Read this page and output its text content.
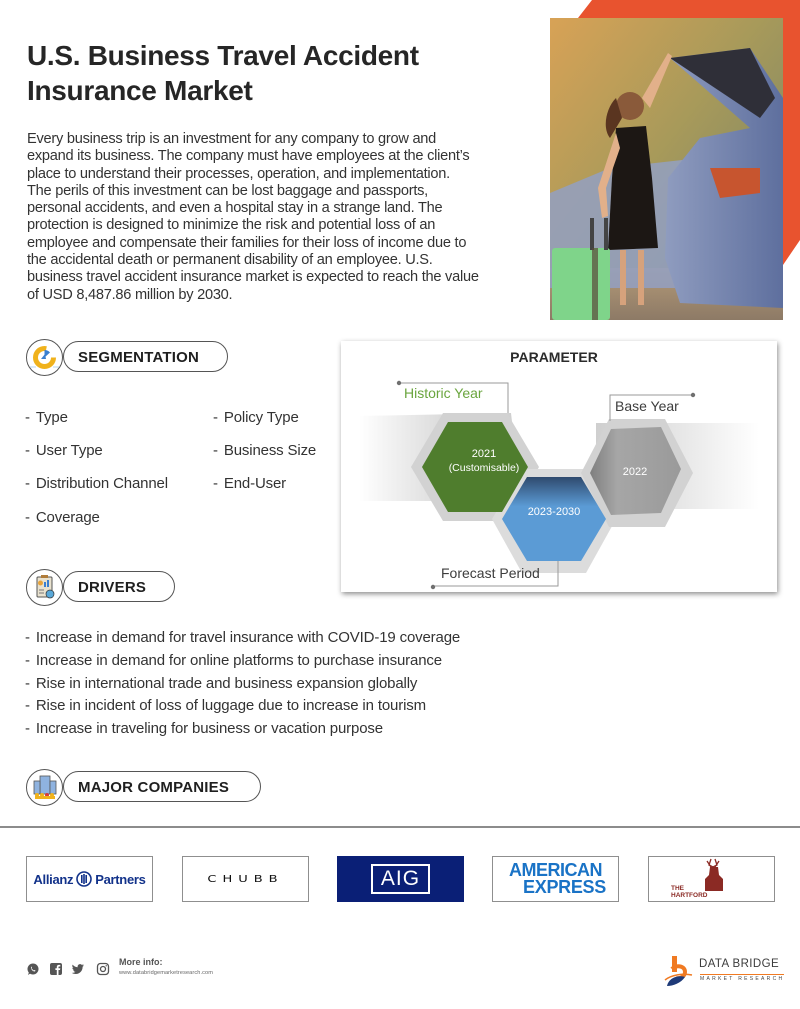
U.S. Business Travel Accident
Insurance Market

Every business trip is an investment for any company to grow and
expand its business. The company must have employees at the client’s
place to understand their processes, operation, and implementation.
The perils of this investment can be lost baggage and passports,
personal accidents, and even a hospital stay in a strange land. The
protection is designed to minimize the risk and potential loss of an
employee and compensate their families for their loss of income due to
the accidental death or permanent disability of an employee. U.S.
business travel accident insurance market is expected to reach the value
of USD 8,487.86 million by 2030.

SEGMENTATION
- Type
- User Type
- Distribution Channel
- Coverage
- Policy Type
- Business Size
- End-User
PARAMETER
Historic Year
Base Year
Forecast Period
2021
(Customisable)
2023-2030
2022
DRIVERS
- Increase in demand for travel insurance with COVID-19 coverage
- Increase in demand for online platforms to purchase insurance
- Rise in international trade and business expansion globally
- Rise in incident of loss of luggage due to increase in tourism
- Increase in traveling for business or vacation purpose
MAJOR COMPANIES
Allianz Partners	CHUBB	AIG	AMERICAN
EXPRESS	THE
HARTFORD
More info:
www.databridgemarketresearch.com
DATA BRIDGE
MARKET RESEARCH
